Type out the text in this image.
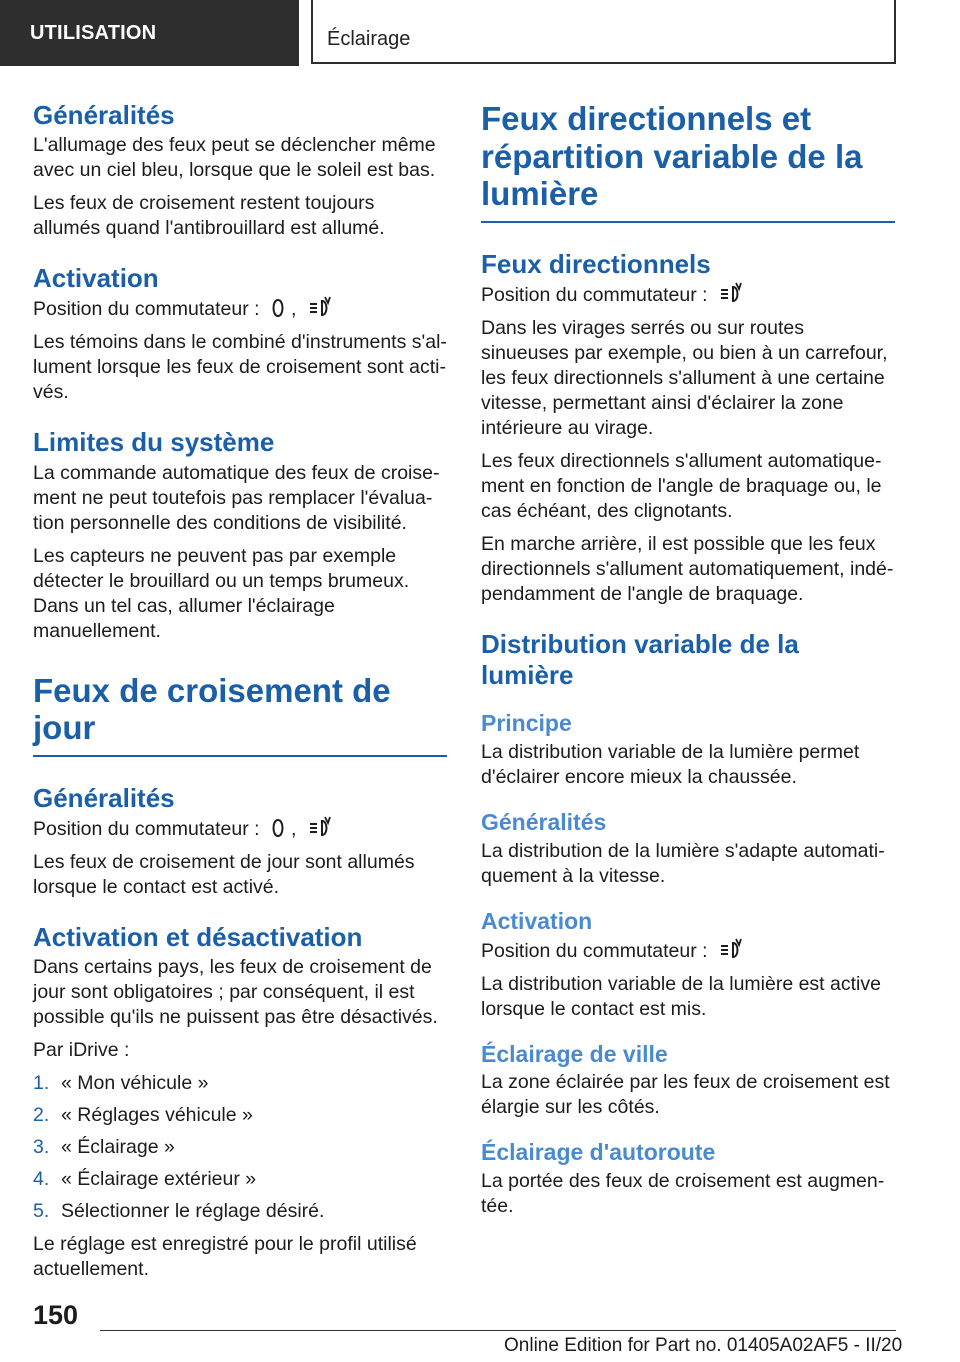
UTILISATION	Éclairage
Généralités

L'allumage des feux peut se déclencher même avec un ciel bleu, lorsque que le soleil est bas.

Les feux de croisement restent toujours allumés quand l'antibrouillard est allumé.

Activation

Position du commutateur : ,

Les témoins dans le combiné d'instruments s'allument lorsque les feux de croisement sont activés.

Limites du système

La commande automatique des feux de croisement ne peut toutefois pas remplacer l'évaluation personnelle des conditions de visibilité.

Les capteurs ne peuvent pas par exemple détecter le brouillard ou un temps brumeux. Dans un tel cas, allumer l'éclairage manuellement.

Feux de croisement de jour
Généralités

Position du commutateur : ,

Les feux de croisement de jour sont allumés lorsque le contact est activé.

Activation et désactivation

Dans certains pays, les feux de croisement de jour sont obligatoires ; par conséquent, il est possible qu'ils ne puissent pas être désactivés.

Par iDrive :

1. « Mon véhicule »
2. « Réglages véhicule »
3. « Éclairage »
4. « Éclairage extérieur »
5. Sélectionner le réglage désiré.

Le réglage est enregistré pour le profil utilisé actuellement.

Feux directionnels et répartition variable de la lumière
Feux directionnels

Position du commutateur :

Dans les virages serrés ou sur routes sinueuses par exemple, ou bien à un carrefour, les feux directionnels s'allument à une certaine vitesse, permettant ainsi d'éclairer la zone intérieure au virage.

Les feux directionnels s'allument automatiquement en fonction de l'angle de braquage ou, le cas échéant, des clignotants.

En marche arrière, il est possible que les feux directionnels s'allument automatiquement, indépendamment de l'angle de braquage.

Distribution variable de la lumière
Principe

La distribution variable de la lumière permet d'éclairer encore mieux la chaussée.

Généralités

La distribution de la lumière s'adapte automatiquement à la vitesse.

Activation

Position du commutateur :

La distribution variable de la lumière est active lorsque le contact est mis.

Éclairage de ville

La zone éclairée par les feux de croisement est élargie sur les côtés.

Éclairage d'autoroute

La portée des feux de croisement est augmentée.

150
Online Edition for Part no. 01405A02AF5 - II/20
